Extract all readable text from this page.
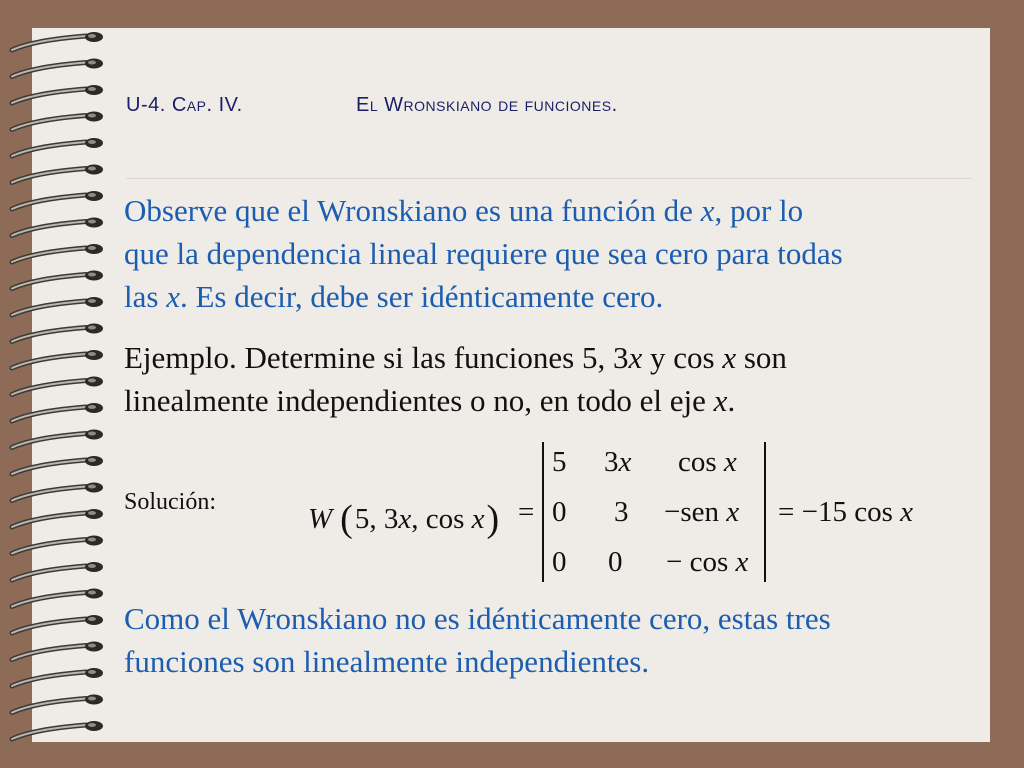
U-4. Cap. IV.	El Wronskiano de funciones.

Observe que el Wronskiano es una función de x, por lo
que la dependencia lineal requiere que sea cero para todas
las x. Es decir, debe ser idénticamente cero.

Ejemplo. Determine si las funciones 5, 3x y cos x son
linealmente independientes o no, en todo el eje x.

Solución:
W (5, 3x, cos x) =
5 3x cos x
0 3 −sen x
0 0 − cos x
= −15 cos x

Como el Wronskiano no es idénticamente cero, estas tres
funciones son linealmente independientes.
